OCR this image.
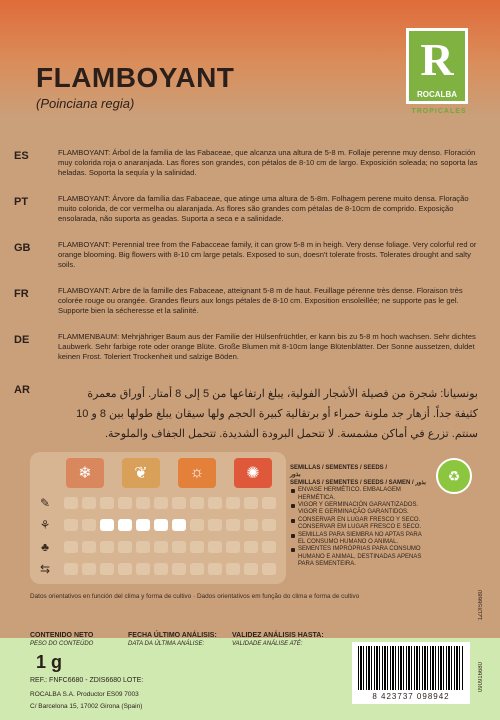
FLAMBOYANT
(Poinciana regia)
R
ROCALBA
TROPICALES
ES	FLAMBOYANT: Árbol de la familia de las Fabaceae, que alcanza una altura de 5-8 m. Follaje perenne muy denso. Floración muy colorida roja o anaranjada. Las flores son grandes, con pétalos de 8-10 cm de largo. Exposición soleada; no soporta las heladas. Soporta la sequía y la salinidad.
PT	FLAMBOYANT: Árvore da família das Fabaceae, que atinge uma altura de 5-8m. Folhagem perene muito densa. Floração muito colorida, de cor vermelha ou alaranjada. As flores são grandes com pétalas de 8-10cm de comprido. Exposição ensolarada, não suporta as geadas. Suporta a seca e a salinidade.
GB	FLAMBOYANT: Perennial tree from the Fabacceae family, it can grow 5-8 m in heigh. Very dense foliage. Very colorful red or orange blooming. Big flowers with 8-10 cm large petals. Exposed to sun, doesn't tolerate frosts. Tolerates drought and salty soils.
FR	FLAMBOYANT: Arbre de la famille des Fabaceae, atteignant 5-8 m de haut. Feuillage pérenne très dense. Floraison très colorée rouge ou orangée. Grandes fleurs aux longs pétales de 8-10 cm. Exposition ensoleillée; ne supporte pas le gel. Supporte bien la sécheresse et la salinité.
DE	FLAMMENBAUM: Mehrjähriger Baum aus der Familie der Hülsenfrüchtler, er kann bis zu 5-8 m hoch wachsen. Sehr dichtes Laubwerk. Sehr farbige rote oder orange Blüte. Große Blumen mit 8-10cm lange Blütenblätter. Der Sonne aussetzen, duldet keinen Frost. Toleriert Trockenheit und salzige Böden.
AR	بونسيانا: شجرة من فصيلة الأشجار الفولية، يبلغ ارتفاعها من 5 إلى 8 أمتار. أوراق معمرة كثيفة جداً. أزهار جد ملونة حمراء أو برتقالية كبيرة الحجم ولها سيقان يبلغ طولها بين 8 و 10 سنتم. تزرع في أماكن مشمسة. لا تتحمل البرودة الشديدة. تتحمل الجفاف والملوحة.
❄	❦	☼	✺
✎
⚘
♣
⇆
SEMILLAS / SEMENTES / SEEDS /
بذور
SEMILLAS / SEMENTES / SEEDS / SAMEN / بذور
ENVASE HERMÉTICO. EMBALAGEM HERMÉTICA.
VIGOR Y GERMINACIÓN GARANTIZADOS. VIGOR E GERMINAÇÃO GARANTIDOS.
CONSERVAR EN LUGAR FRESCO Y SECO. CONSERVAR EM LUGAR FRESCO E SECO.
SEMILLAS PARA SIEMBRA NO APTAS PARA EL CONSUMO HUMANO O ANIMAL.
SEMENTES IMPRÓPRIAS PARA CONSUMO HUMANO E ANIMAL, DESTINADAS APENAS PARA SEMENTEIRA.
♻
Datos orientativos en función del clima y forma de cultivo · Dados orientativos em função do clima e forma de cultivo	1ZDIS6680
CONTENIDO NETO
PESO DO CONTEÚDO
1 g
FECHA ÚLTIMO ANÁLISIS:
DATA DA ÚLTIMA ANÁLISE:
VALIDEZ ANÁLISIS HASTA:
VALIDADE ANÁLISE ATÉ:
REF.: FNFC6680 - ZDIS6680 LOTE:
ROCALBA S.A. Productor ES09 7003
C/ Barcelona 15, 17002 Girona (Spain)
8 423737 098942
090916680
